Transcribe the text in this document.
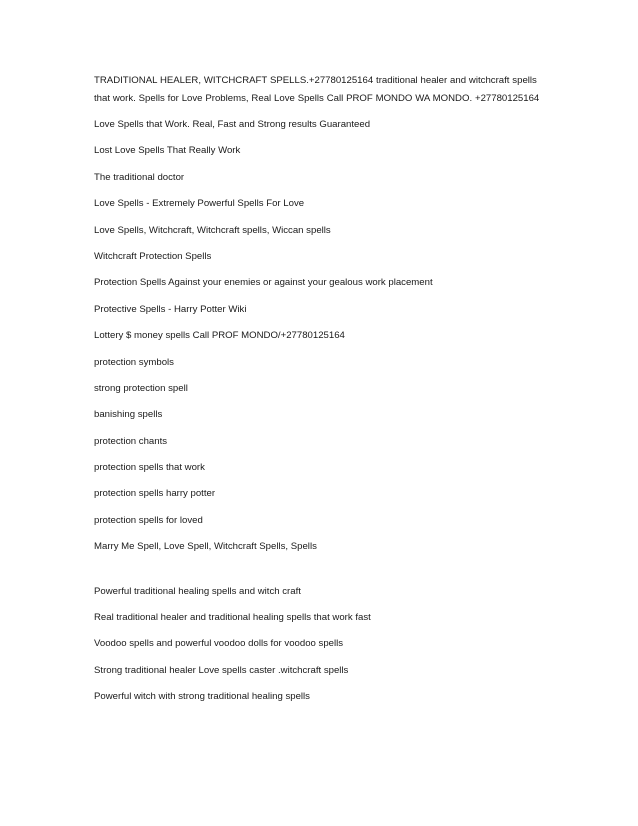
TRADITIONAL HEALER, WITCHCRAFT SPELLS.+27780125164 traditional healer and witchcraft spells that work. Spells for Love Problems, Real Love Spells Call PROF MONDO WA MONDO. +27780125164

Love Spells that Work. Real, Fast and Strong results Guaranteed

Lost Love Spells That Really Work

The traditional doctor

Love Spells - Extremely Powerful Spells For Love

Love Spells, Witchcraft, Witchcraft spells, Wiccan spells

Witchcraft Protection Spells

Protection Spells Against your enemies or against your gealous work placement

Protective Spells - Harry Potter Wiki

Lottery $ money spells Call PROF MONDO/+27780125164

protection symbols

strong protection spell

banishing spells

protection chants

protection spells that work

protection spells harry potter

protection spells for loved

Marry Me Spell, Love Spell, Witchcraft Spells, Spells

Powerful traditional healing spells and witch craft

Real traditional healer and traditional healing spells that work fast

Voodoo spells and powerful voodoo dolls for voodoo spells

Strong traditional healer Love spells caster .witchcraft spells

Powerful witch with strong traditional healing spells
